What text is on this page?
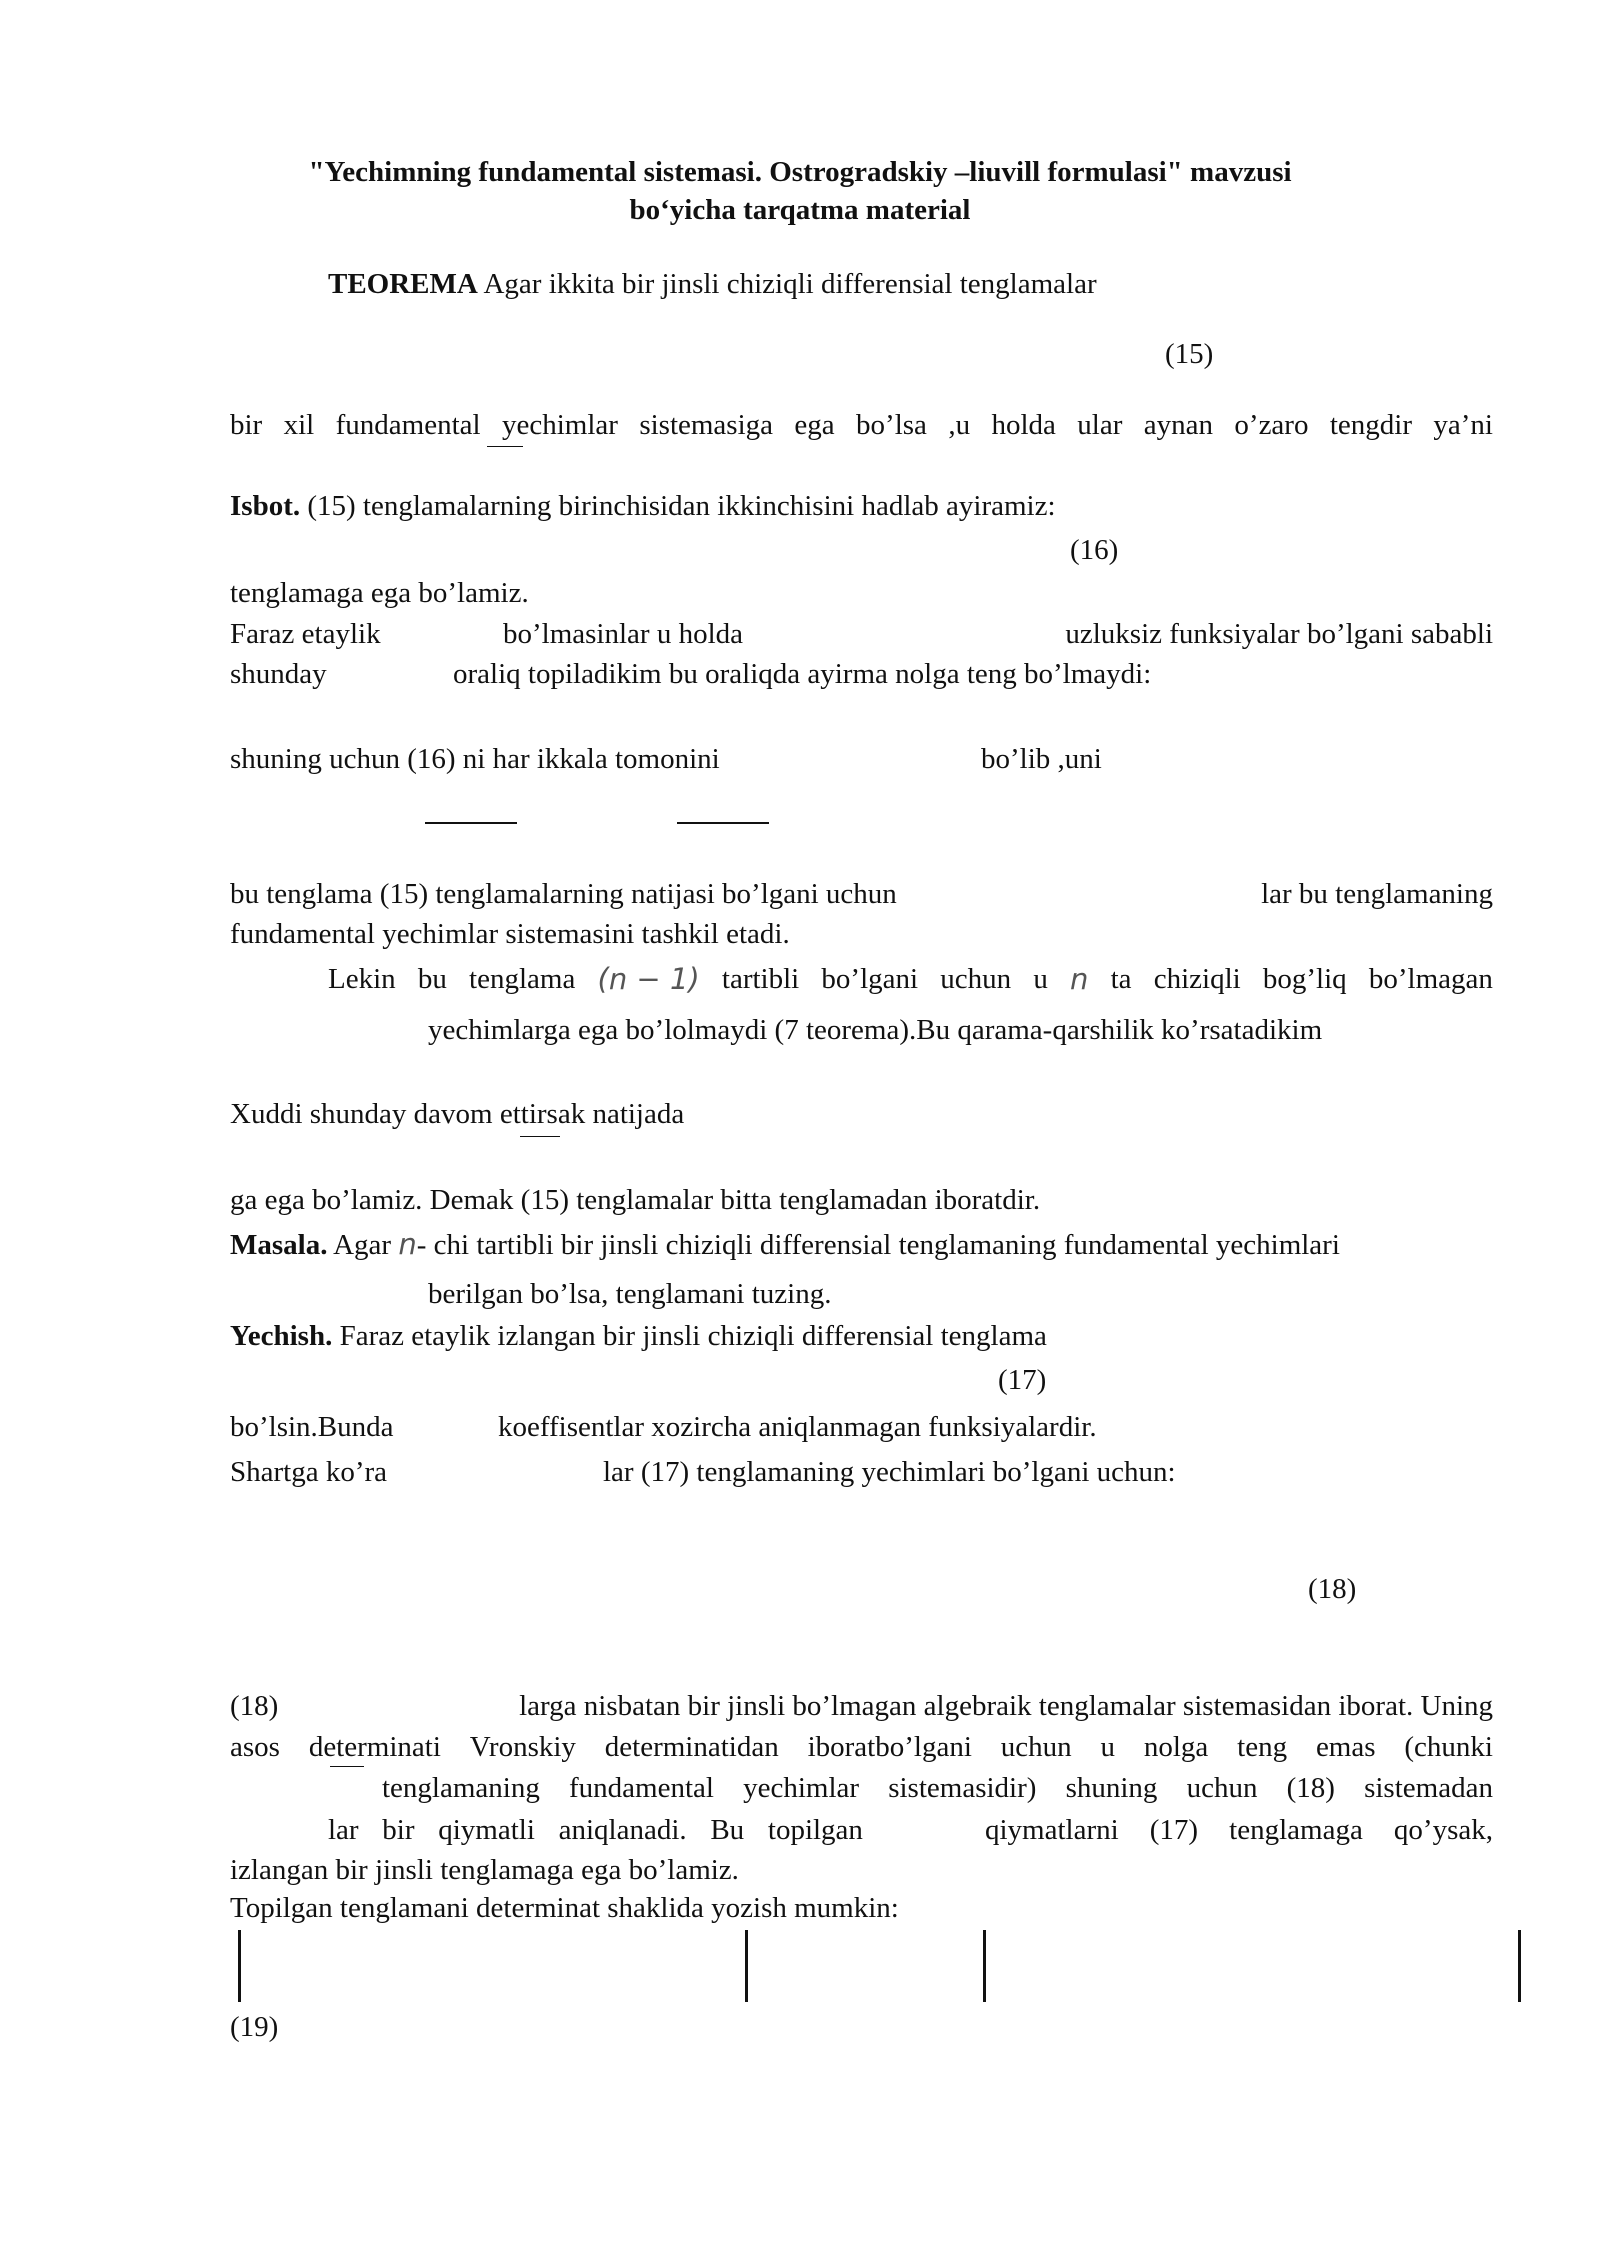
"Yechimning fundamental sistemasi. Ostrogradskiy –liuvill formulasi" mavzusi
bo‘yicha tarqatma material
TEOREMA Agar ikkita bir jinsli chiziqli differensial tenglamalar
(15)
bir xil fundamental yechimlar sistemasiga ega bo’lsa ,u holda ular aynan o’zaro tengdir ya’ni
Isbot. (15) tenglamalarning birinchisidan ikkinchisini hadlab ayiramiz:
(16)
tenglamaga ega bo’lamiz.
Faraz etaylik	bo’lmasinlar u holda	uzluksiz funksiyalar bo’lgani sababli
shunday	oraliq topiladikim bu oraliqda ayirma nolga teng bo’lmaydi:
shuning uchun (16) ni har ikkala tomonini	bo’lib ,uni
bu tenglama (15) tenglamalarning natijasi bo’lgani uchun	lar bu tenglamaning
fundamental yechimlar sistemasini tashkil etadi.
Lekin bu tenglama (n − 1) tartibli bo’lgani uchun u n ta chiziqli bog’liq bo’lmagan
yechimlarga ega bo’lolmaydi (7 teorema).Bu qarama-qarshilik ko’rsatadikim
Xuddi shunday davom ettirsak natijada
ga ega bo’lamiz. Demak (15) tenglamalar bitta tenglamadan iboratdir.
Masala. Agar n- chi tartibli bir jinsli chiziqli differensial tenglamaning fundamental yechimlari
berilgan bo’lsa, tenglamani tuzing.
Yechish. Faraz etaylik izlangan bir jinsli chiziqli differensial tenglama
(17)
bo’lsin.Bunda	koeffisentlar xozircha aniqlanmagan funksiyalardir.
Shartga ko’ra	lar (17) tenglamaning yechimlari bo’lgani uchun:
(18)
(18)	larga nisbatan bir jinsli bo’lmagan algebraik tenglamalar sistemasidan iborat. Uning
asos determinati Vronskiy determinatidan iboratbo’lgani uchun u nolga teng emas (chunki
tenglamaning fundamental yechimlar sistemasidir) shuning uchun (18) sistemadan
lar bir qiymatli aniqlanadi. Bu topilgan	qiymatlarni (17) tenglamaga qo’ysak,
izlangan bir jinsli tenglamaga ega bo’lamiz.
Topilgan tenglamani determinat shaklida yozish mumkin:
(19)
